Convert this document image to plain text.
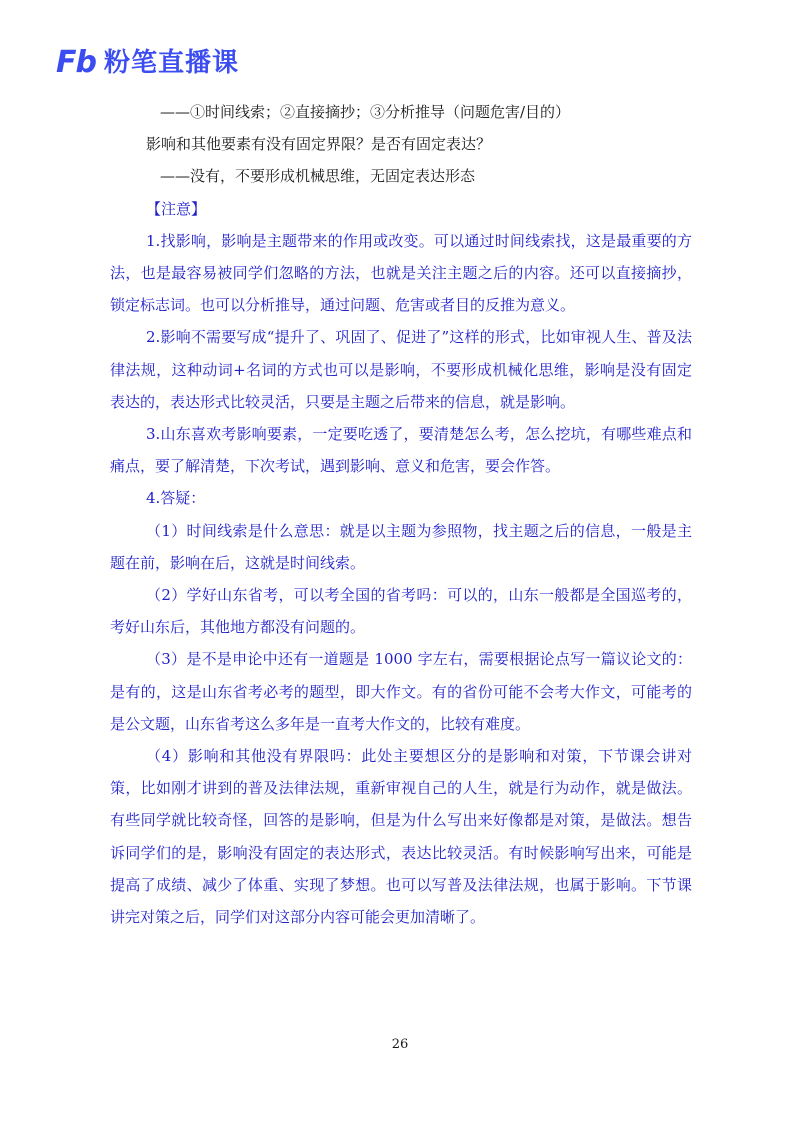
Fb 粉笔直播课
——①时间线索；②直接摘抄；③分析推导（问题危害/目的）
影响和其他要素有没有固定界限？是否有固定表达？
——没有，不要形成机械思维，无固定表达形态
【注意】

1.找影响，影响是主题带来的作用或改变。可以通过时间线索找，这是最重要的方法，也是最容易被同学们忽略的方法，也就是关注主题之后的内容。还可以直接摘抄，锁定标志词。也可以分析推导，通过问题、危害或者目的反推为意义。

2.影响不需要写成“提升了、巩固了、促进了”这样的形式，比如审视人生、普及法律法规，这种动词+名词的方式也可以是影响，不要形成机械化思维，影响是没有固定表达的，表达形式比较灵活，只要是主题之后带来的信息，就是影响。

3.山东喜欢考影响要素，一定要吃透了，要清楚怎么考，怎么挖坑，有哪些难点和痛点，要了解清楚，下次考试，遇到影响、意义和危害，要会作答。

4.答疑：

（1）时间线索是什么意思：就是以主题为参照物，找主题之后的信息，一般是主题在前，影响在后，这就是时间线索。

（2）学好山东省考，可以考全国的省考吗：可以的，山东一般都是全国巡考的，考好山东后，其他地方都没有问题的。

（3）是不是申论中还有一道题是 1000 字左右，需要根据论点写一篇议论文的：是有的，这是山东省考必考的题型，即大作文。有的省份可能不会考大作文，可能考的是公文题，山东省考这么多年是一直考大作文的，比较有难度。

（4）影响和其他没有界限吗：此处主要想区分的是影响和对策，下节课会讲对策，比如刚才讲到的普及法律法规，重新审视自己的人生，就是行为动作，就是做法。有些同学就比较奇怪，回答的是影响，但是为什么写出来好像都是对策，是做法。想告诉同学们的是，影响没有固定的表达形式，表达比较灵活。有时候影响写出来，可能是提高了成绩、减少了体重、实现了梦想。也可以写普及法律法规，也属于影响。下节课讲完对策之后，同学们对这部分内容可能会更加清晰了。

26
